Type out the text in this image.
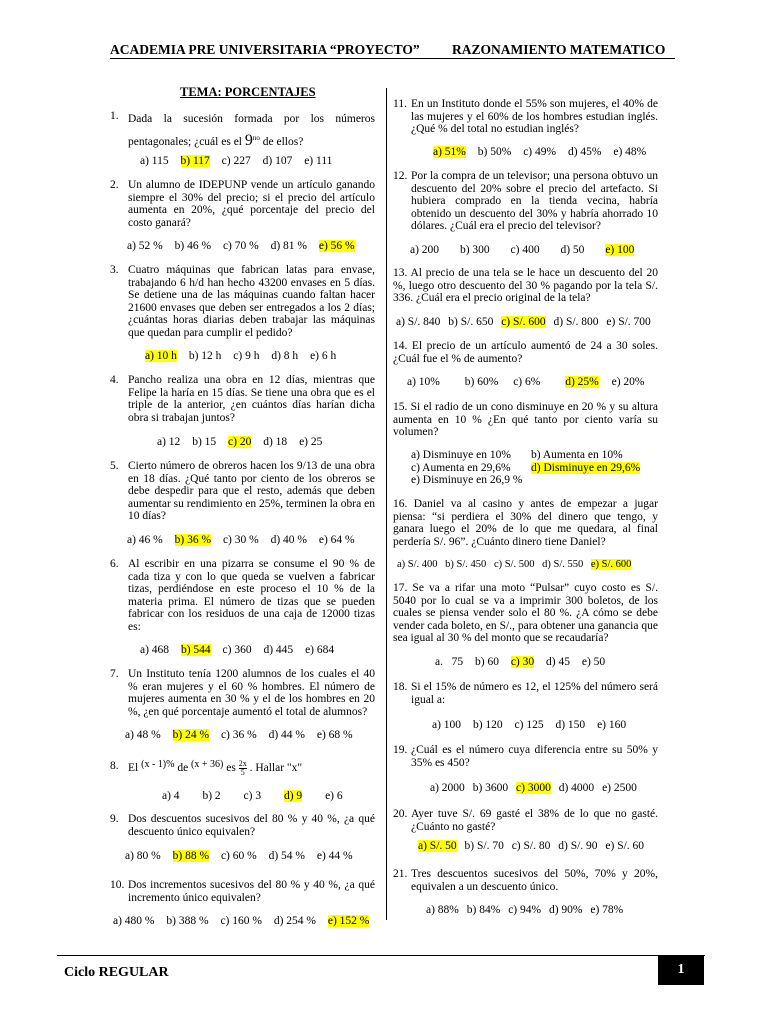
ACADEMIA PRE UNIVERSITARIA “PROYECTO” RAZONAMIENTO MATEMATICO
TEMA: PORCENTAJES
1. Dada la sucesión formada por los números pentagonales; ¿cuál es el $9^{no}$ de ellos?
a) 115 b) 117 c) 227 d) 107 e) 111
2. Un alumno de IDEPUNP vende un artículo ganando siempre el 30% del precio; si el precio del artículo aumenta en 20%, ¿qué porcentaje del precio del costo ganará?
a) 52 % b) 46 % c) 70 % d) 81 % e) 56 %
3. Cuatro máquinas que fabrican latas para envase, trabajando 6 h/d han hecho 43200 envases en 5 días. Se detiene una de las máquinas cuando faltan hacer 21600 envases que deben ser entregados a los 2 días; ¿cuántas horas diarias deben trabajar las máquinas que quedan para cumplir el pedido?
a) 10 h b) 12 h c) 9 h d) 8 h e) 6 h
4. Pancho realiza una obra en 12 días, mientras que Felipe la haría en 15 días. Se tiene una obra que es el triple de la anterior, ¿en cuántos días harían dicha obra si trabajan juntos?
a) 12 b) 15 c) 20 d) 18 e) 25
5. Cierto número de obreros hacen los 9/13 de una obra en 18 días. ¿Qué tanto por ciento de los obreros se debe despedir para que el resto, además que deben aumentar su rendimiento en 25%, terminen la obra en 10 días?
a) 46 % b) 36 % c) 30 % d) 40 % e) 64 %
6. Al escribir en una pizarra se consume el 90 % de cada tiza y con lo que queda se vuelven a fabricar tizas, perdiéndose en este proceso el 10 % de la materia prima. El número de tizas que se pueden fabricar con los residuos de una caja de 12000 tizas es:
a) 468 b) 544 c) 360 d) 445 e) 684
7. Un Instituto tenía 1200 alumnos de los cuales el 40 % eran mujeres y el 60 % hombres. El número de mujeres aumenta en 30 % y el de los hombres en 20 %, ¿en qué porcentaje aumentó el total de alumnos?
a) 48 % b) 24 % c) 36 % d) 44 % e) 68 %
8. El (x - 1)% de (x + 36) es $\frac{2x}{5}$ . Hallar "x"
a) 4 b) 2 c) 3 d) 9 e) 6
9. Dos descuentos sucesivos del 80 % y 40 %, ¿a qué descuento único equivalen?
a) 80 % b) 88 % c) 60 % d) 54 % e) 44 %
10. Dos incrementos sucesivos del 80 % y 40 %, ¿a qué incremento único equivalen?
a) 480 % b) 388 % c) 160 % d) 254 % e) 152 %
11. En un Instituto donde el 55% son mujeres, el 40% de las mujeres y el 60% de los hombres estudian inglés. ¿Qué % del total no estudian inglés?
a) 51% b) 50% c) 49% d) 45% e) 48%
12. Por la compra de un televisor; una persona obtuvo un descuento del 20% sobre el precio del artefacto. Si hubiera comprado en la tienda vecina, habría obtenido un descuento del 30% y habría ahorrado 10 dólares. ¿Cuál era el precio del televisor?
a) 200 b) 300 c) 400 d) 50 e) 100
13. Al precio de una tela se le hace un descuento del 20 %, luego otro descuento del 30 % pagando por la tela S/. 336. ¿Cuál era el precio original de la tela?
a) S/. 840 b) S/. 650 c) S/. 600 d) S/. 800 e) S/. 700
14. El precio de un artículo aumentó de 24 a 30 soles. ¿Cuál fue el % de aumento?
a) 10% b) 60% c) 6% d) 25% e) 20%
15. Si el radio de un cono disminuye en 20 % y su altura aumenta en 10 % ¿En qué tanto por ciento varía su volumen?
a) Disminuye en 10% b) Aumenta en 10%
c) Aumenta en 29,6% d) Disminuye en 29,6%
e) Disminuye en 26,9 %
16. Daniel va al casino y antes de empezar a jugar piensa: “si perdiera el 30% del dinero que tengo, y ganara luego el 20% de lo que me quedara, al final perdería S/. 96”. ¿Cuánto dinero tiene Daniel?
a) S/. 400 b) S/. 450 c) S/. 500 d) S/. 550 e) S/. 600
17. Se va a rifar una moto “Pulsar” cuyo costo es S/. 5040 por lo cual se va a imprimir 300 boletos, de los cuales se piensa vender solo el 80 %. ¿A cómo se debe vender cada boleto, en S/., para obtener una ganancia que sea igual al 30 % del monto que se recaudaría?
a.   75 b) 60 c) 30 d) 45 e) 50
18. Si el 15% de número es 12, el 125% del número será igual a:
a) 100 b) 120 c) 125 d) 150 e) 160
19. ¿Cuál es el número cuya diferencia entre su 50% y 35% es 450?
a) 2000 b) 3600 c) 3000 d) 4000 e) 2500
20. Ayer tuve S/. 69 gasté el 38% de lo que no gasté. ¿Cuánto no gasté?
a) S/. 50 b) S/. 70 c) S/. 80 d) S/. 90 e) S/. 60
21. Tres descuentos sucesivos del 50%, 70% y 20%, equivalen a un descuento único.
a) 88% b) 84% c) 94% d) 90% e) 78%
Ciclo REGULAR	1
